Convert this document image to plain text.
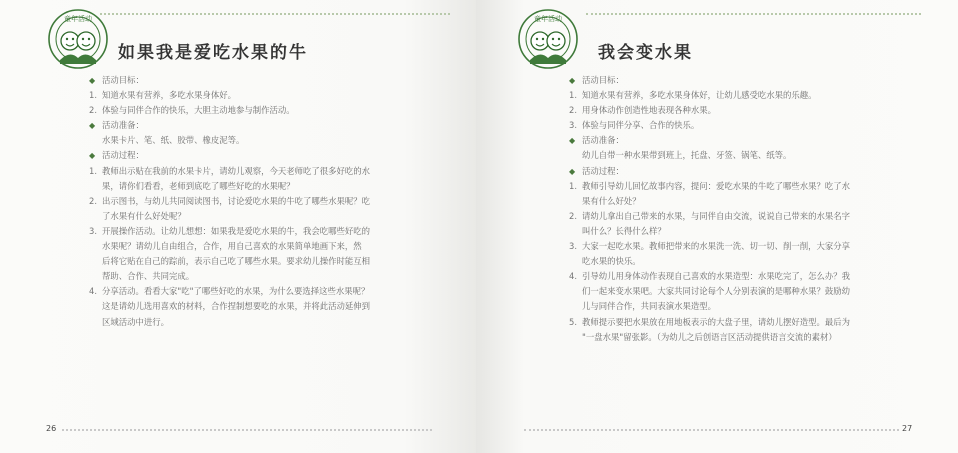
童年活动
如果我是爱吃水果的牛
◆ 活动目标：
1. 知道水果有营养，多吃水果身体好。
2. 体验与同伴合作的快乐，大胆主动地参与制作活动。
◆ 活动准备：
水果卡片、笔、纸、胶带、橡皮泥等。
◆ 活动过程：
1. 教师出示贴在我前的水果卡片，请幼儿观察，今天老师吃了很多好吃的水
果，请你们看看，老师到底吃了哪些好吃的水果呢？
2. 出示图书，与幼儿共同阅读图书，讨论爱吃水果的牛吃了哪些水果呢？吃
了水果有什么好处呢？
3. 开展操作活动。让幼儿想想：如果我是爱吃水果的牛，我会吃哪些好吃的
水果呢？请幼儿自由组合，合作，用自己喜欢的水果简单地画下来，然
后将它贴在自己的踪前，表示自己吃了哪些水果。要求幼儿操作时能互相
帮助、合作、共同完成。
4. 分享活动。看看大家"吃"了哪些好吃的水果，为什么要选择这些水果呢？
这是请幼儿选用喜欢的材料，合作捏制想要吃的水果，并将此活动延伸到
区域活动中进行。
26
童年活动
我会变水果
◆ 活动目标：
1. 知道水果有营养，多吃水果身体好，让幼儿感受吃水果的乐趣。
2. 用身体动作创造性地表现各种水果。
3. 体验与同伴分享、合作的快乐。
◆ 活动准备：
幼儿自带一种水果带到班上，托盘、牙签、锅笔、纸等。
◆ 活动过程：
1. 教师引导幼儿回忆故事内容，提问：爱吃水果的牛吃了哪些水果？吃了水
果有什么好处？
2. 请幼儿拿出自己带来的水果，与同伴自由交流，说说自己带来的水果名字
叫什么？长得什么样？
3. 大家一起吃水果。教师把带来的水果洗一洗、切一切、削一削，大家分享
吃水果的快乐。
4. 引导幼儿用身体动作表现自己喜欢的水果造型：水果吃完了，怎么办？我
们一起来变水果吧。大家共同讨论每个人分别表演的是哪种水果？鼓励幼
儿与同伴合作，共同表演水果造型。
5. 教师提示要把水果放在用地板表示的大盘子里，请幼儿摆好造型。最后为
"一盘水果"留张影。（为幼儿之后创语言区活动提供语言交流的素材）
27
